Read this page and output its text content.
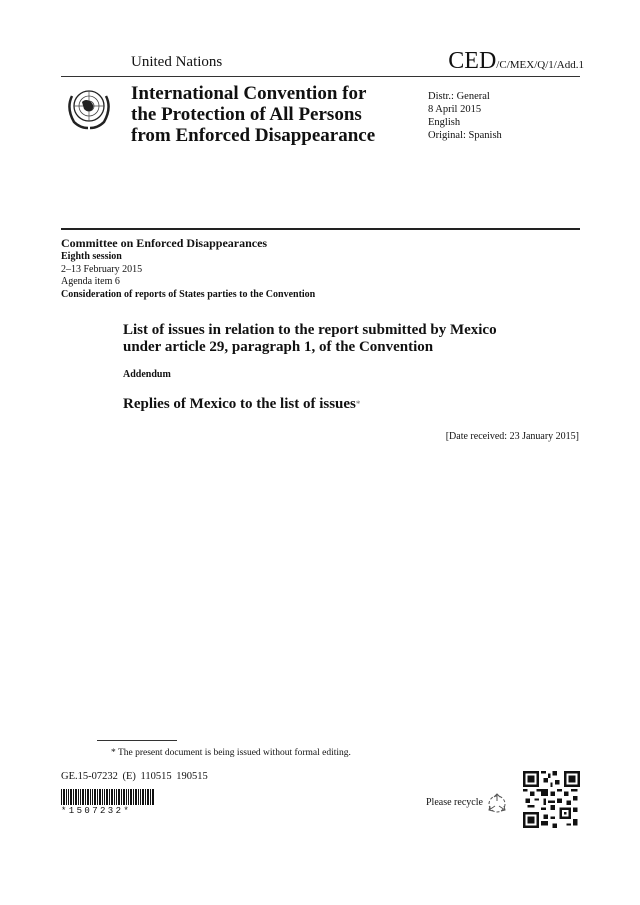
United Nations	CED/C/MEX/Q/1/Add.1
International Convention for
the Protection of All Persons
from Enforced Disappearance
Distr.: General
8 April 2015
English
Original: Spanish
Committee on Enforced Disappearances
Eighth session
2–13 February 2015
Agenda item 6
Consideration of reports of States parties to the Convention
List of issues in relation to the report submitted by Mexico
under article 29, paragraph 1, of the Convention
Addendum
Replies of Mexico to the list of issues*
[Date received: 23 January 2015]
* The present document is being issued without formal editing.
GE.15-07232 (E) 110515 190515
*1507232*
Please recycle
